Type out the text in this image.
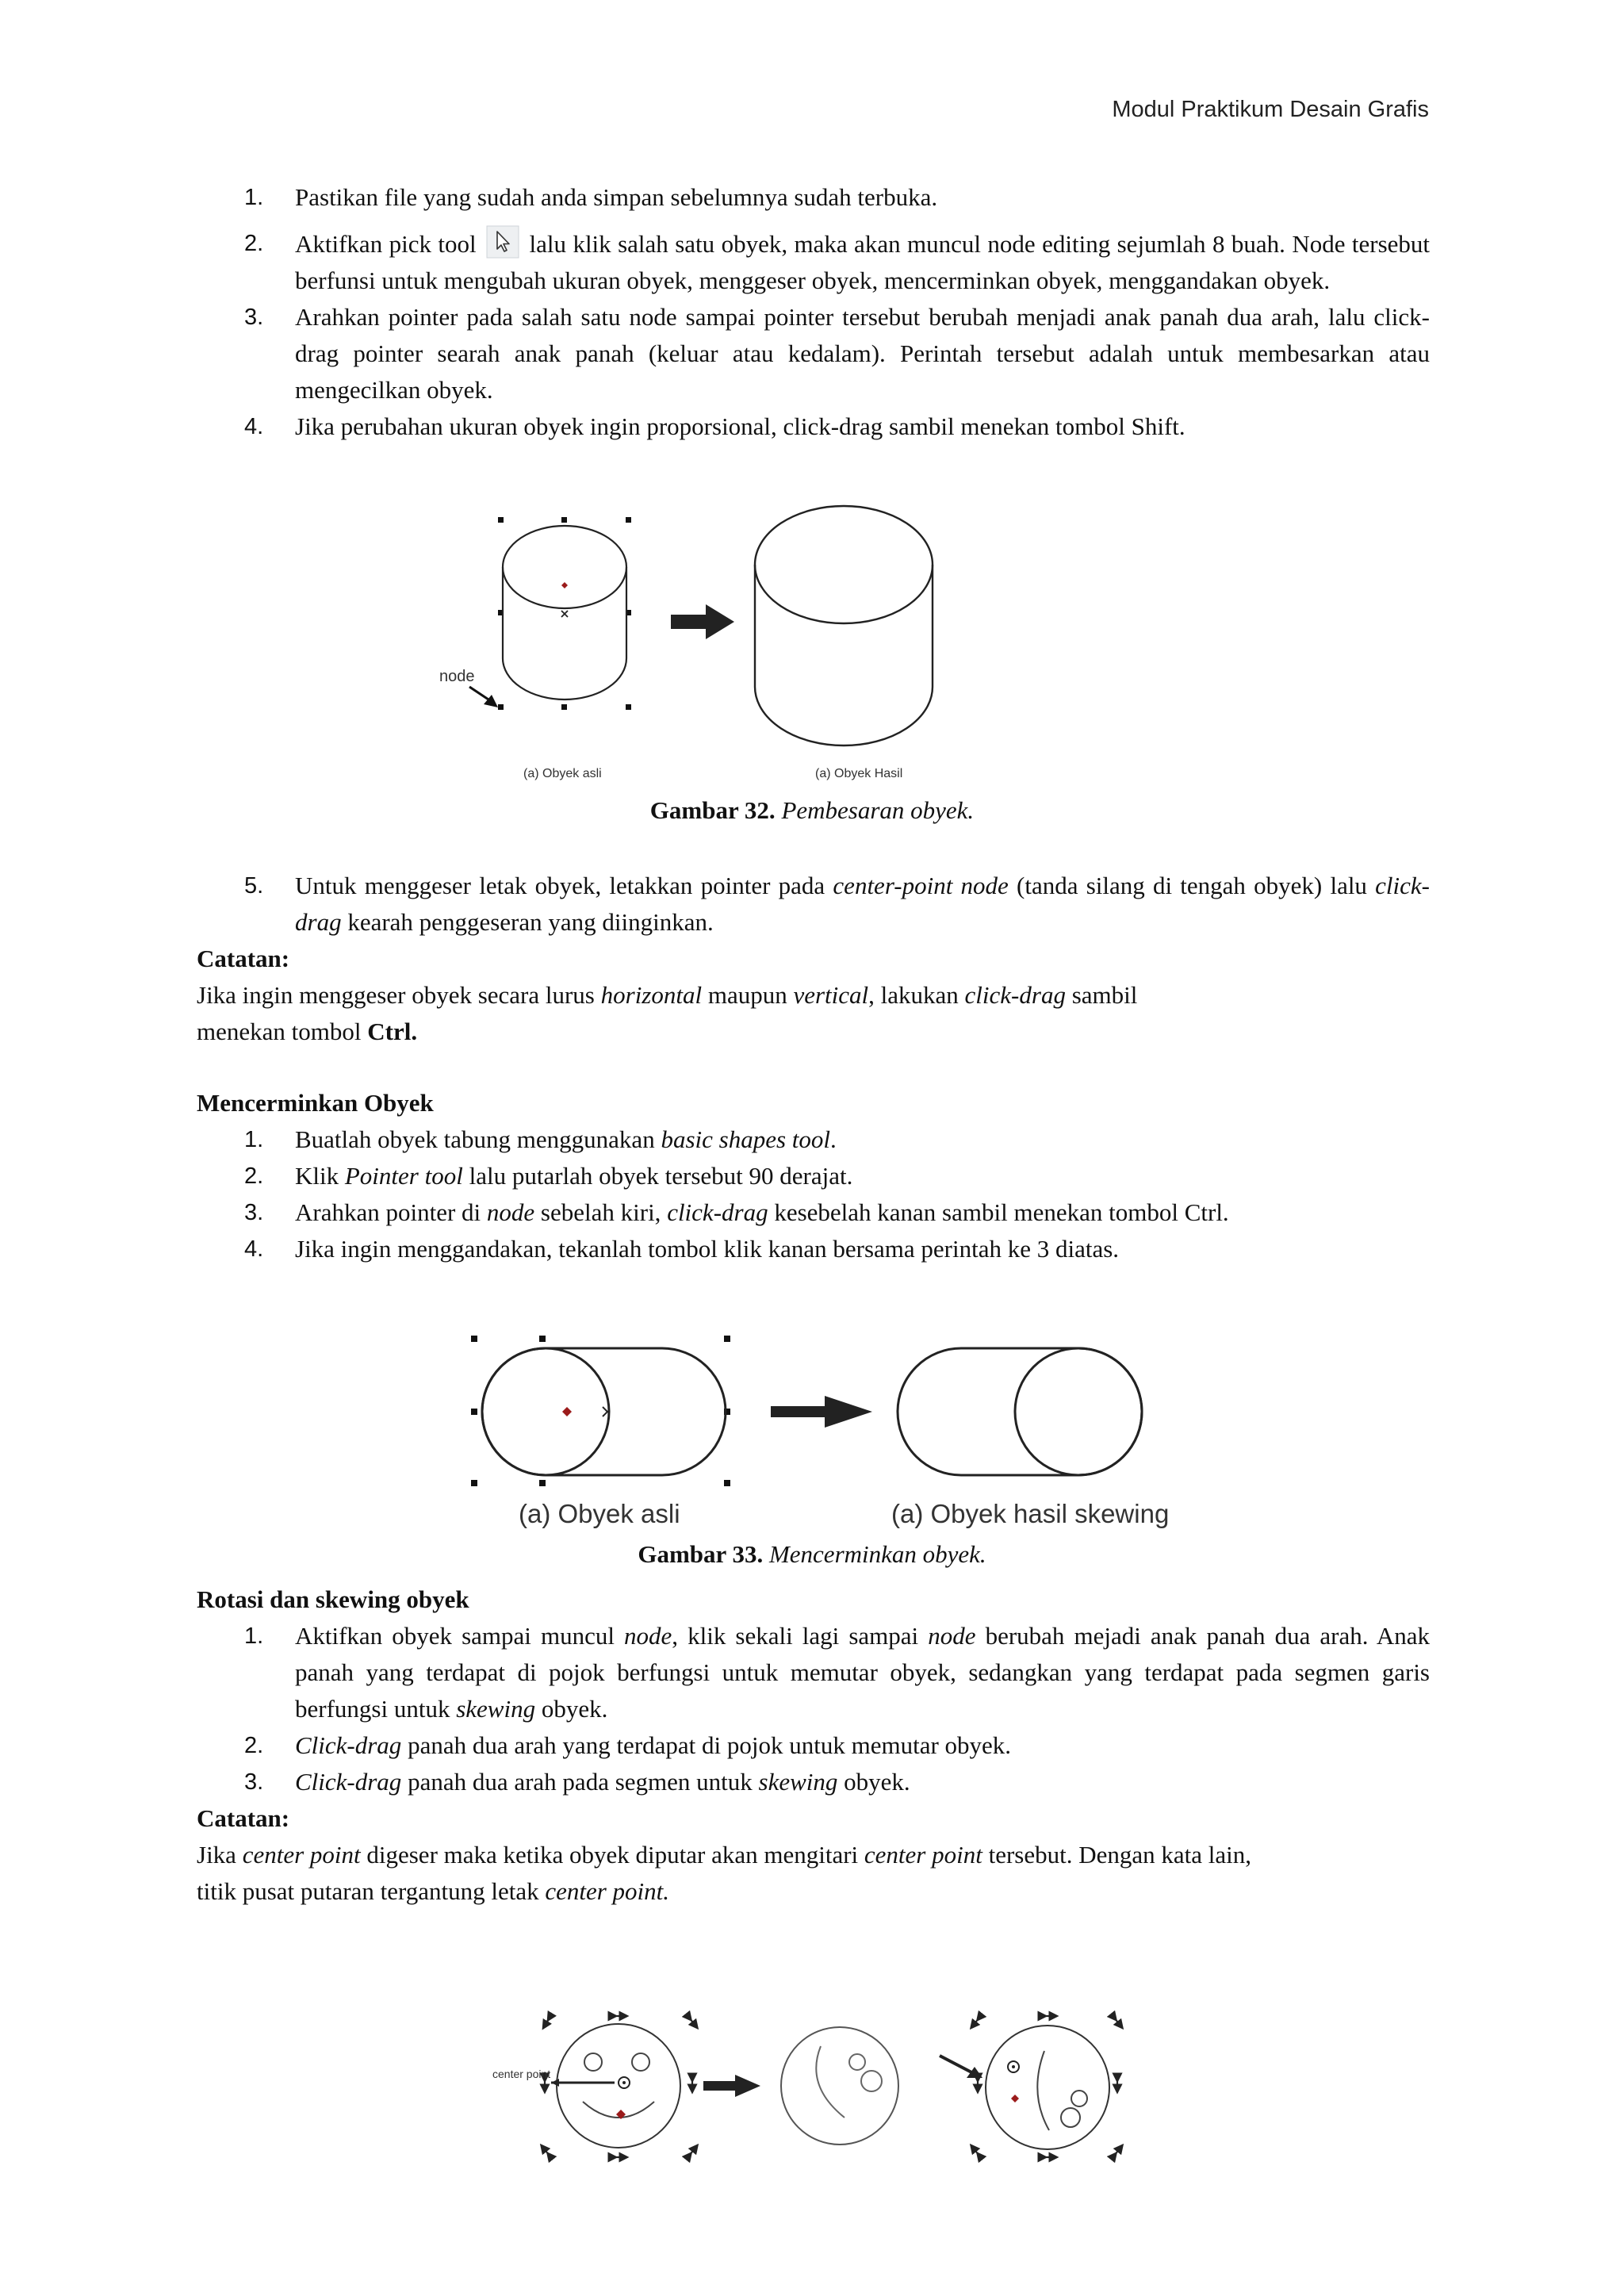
Modul Praktikum Desain Grafis
1. Pastikan file yang sudah anda simpan sebelumnya sudah terbuka.
2. Aktifkan pick tool lalu klik salah satu obyek, maka akan muncul node editing sejumlah 8 buah. Node tersebut berfunsi untuk mengubah ukuran obyek, menggeser obyek, mencerminkan obyek, menggandakan obyek.
3. Arahkan pointer pada salah satu node sampai pointer tersebut berubah menjadi anak panah dua arah, lalu click-drag pointer searah anak panah (keluar atau kedalam). Perintah tersebut adalah untuk membesarkan atau mengecilkan obyek.
4. Jika perubahan ukuran obyek ingin proporsional, click-drag sambil menekan tombol Shift.
node
(a) Obyek asli	(a) Obyek Hasil
Gambar 32. Pembesaran obyek.
5. Untuk menggeser letak obyek, letakkan pointer pada center-point node (tanda silang di tengah obyek) lalu click-drag kearah penggeseran yang diinginkan.
Catatan:
Jika ingin menggeser obyek secara lurus horizontal maupun vertical, lakukan click-drag sambil
menekan tombol Ctrl.
Mencerminkan Obyek
1. Buatlah obyek tabung menggunakan basic shapes tool.
2. Klik Pointer tool lalu putarlah obyek tersebut 90 derajat.
3. Arahkan pointer di node sebelah kiri, click-drag kesebelah kanan sambil menekan tombol Ctrl.
4. Jika ingin menggandakan, tekanlah tombol klik kanan bersama perintah ke 3 diatas.
(a) Obyek asli	(a) Obyek hasil skewing
Gambar 33. Mencerminkan obyek.
Rotasi dan skewing obyek
1. Aktifkan obyek sampai muncul node, klik sekali lagi sampai node berubah mejadi anak panah dua arah. Anak panah yang terdapat di pojok berfungsi untuk memutar obyek, sedangkan yang terdapat pada segmen garis berfungsi untuk skewing obyek.
2. Click-drag panah dua arah yang terdapat di pojok untuk memutar obyek.
3. Click-drag panah dua arah pada segmen untuk skewing obyek.
Catatan:
Jika center point digeser maka ketika obyek diputar akan mengitari center point tersebut. Dengan kata lain,
titik pusat putaran tergantung letak center point.
center point
